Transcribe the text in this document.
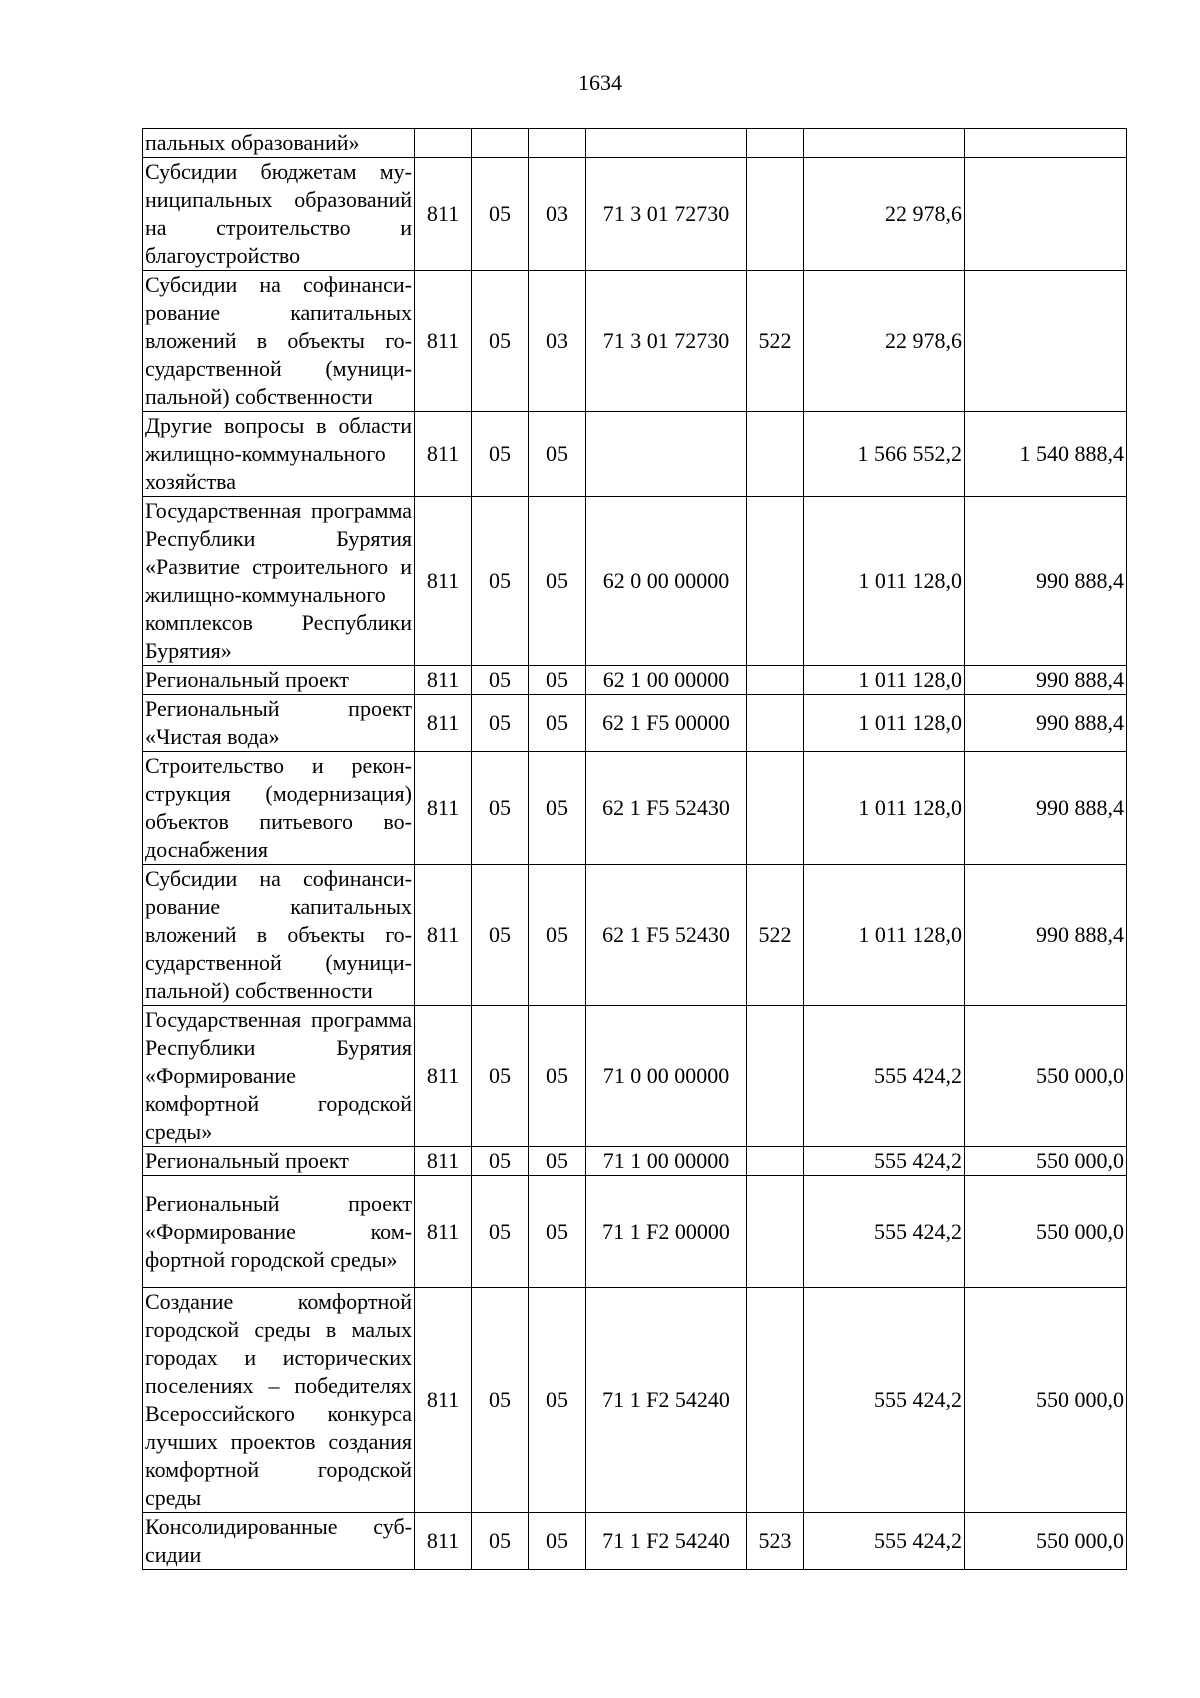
1634
пальных образований»							
Субсидии бюджетам муниципальных образований на строительство и благоустройство	811	05	03	71 3 01 72730		22 978,6	
Субсидии на софинансирование капитальных вложений в объекты государственной (муниципальной) собственности	811	05	03	71 3 01 72730	522	22 978,6	
Другие вопросы в области жилищно-коммунального хозяйства	811	05	05			1 566 552,2	1 540 888,4
Государственная программа Республики Бурятия «Развитие строительного и жилищно-коммунального комплексов Республики Бурятия»	811	05	05	62 0 00 00000		1 011 128,0	990 888,4
Региональный проект	811	05	05	62 1 00 00000		1 011 128,0	990 888,4
Региональный проект «Чистая вода»	811	05	05	62 1 F5 00000		1 011 128,0	990 888,4
Строительство и реконструкция (модернизация) объектов питьевого водоснабжения	811	05	05	62 1 F5 52430		1 011 128,0	990 888,4
Субсидии на софинансирование капитальных вложений в объекты государственной (муниципальной) собственности	811	05	05	62 1 F5 52430	522	1 011 128,0	990 888,4
Государственная программа Республики Бурятия «Формирование комфортной городской среды»	811	05	05	71 0 00 00000		555 424,2	550 000,0
Региональный проект	811	05	05	71 1 00 00000		555 424,2	550 000,0
Региональный проект «Формирование комфортной городской среды»	811	05	05	71 1 F2 00000		555 424,2	550 000,0
Создание комфортной городской среды в малых городах и исторических поселениях – победителях Всероссийского конкурса лучших проектов создания комфортной городской среды	811	05	05	71 1 F2 54240		555 424,2	550 000,0
Консолидированные субсидии	811	05	05	71 1 F2 54240	523	555 424,2	550 000,0
